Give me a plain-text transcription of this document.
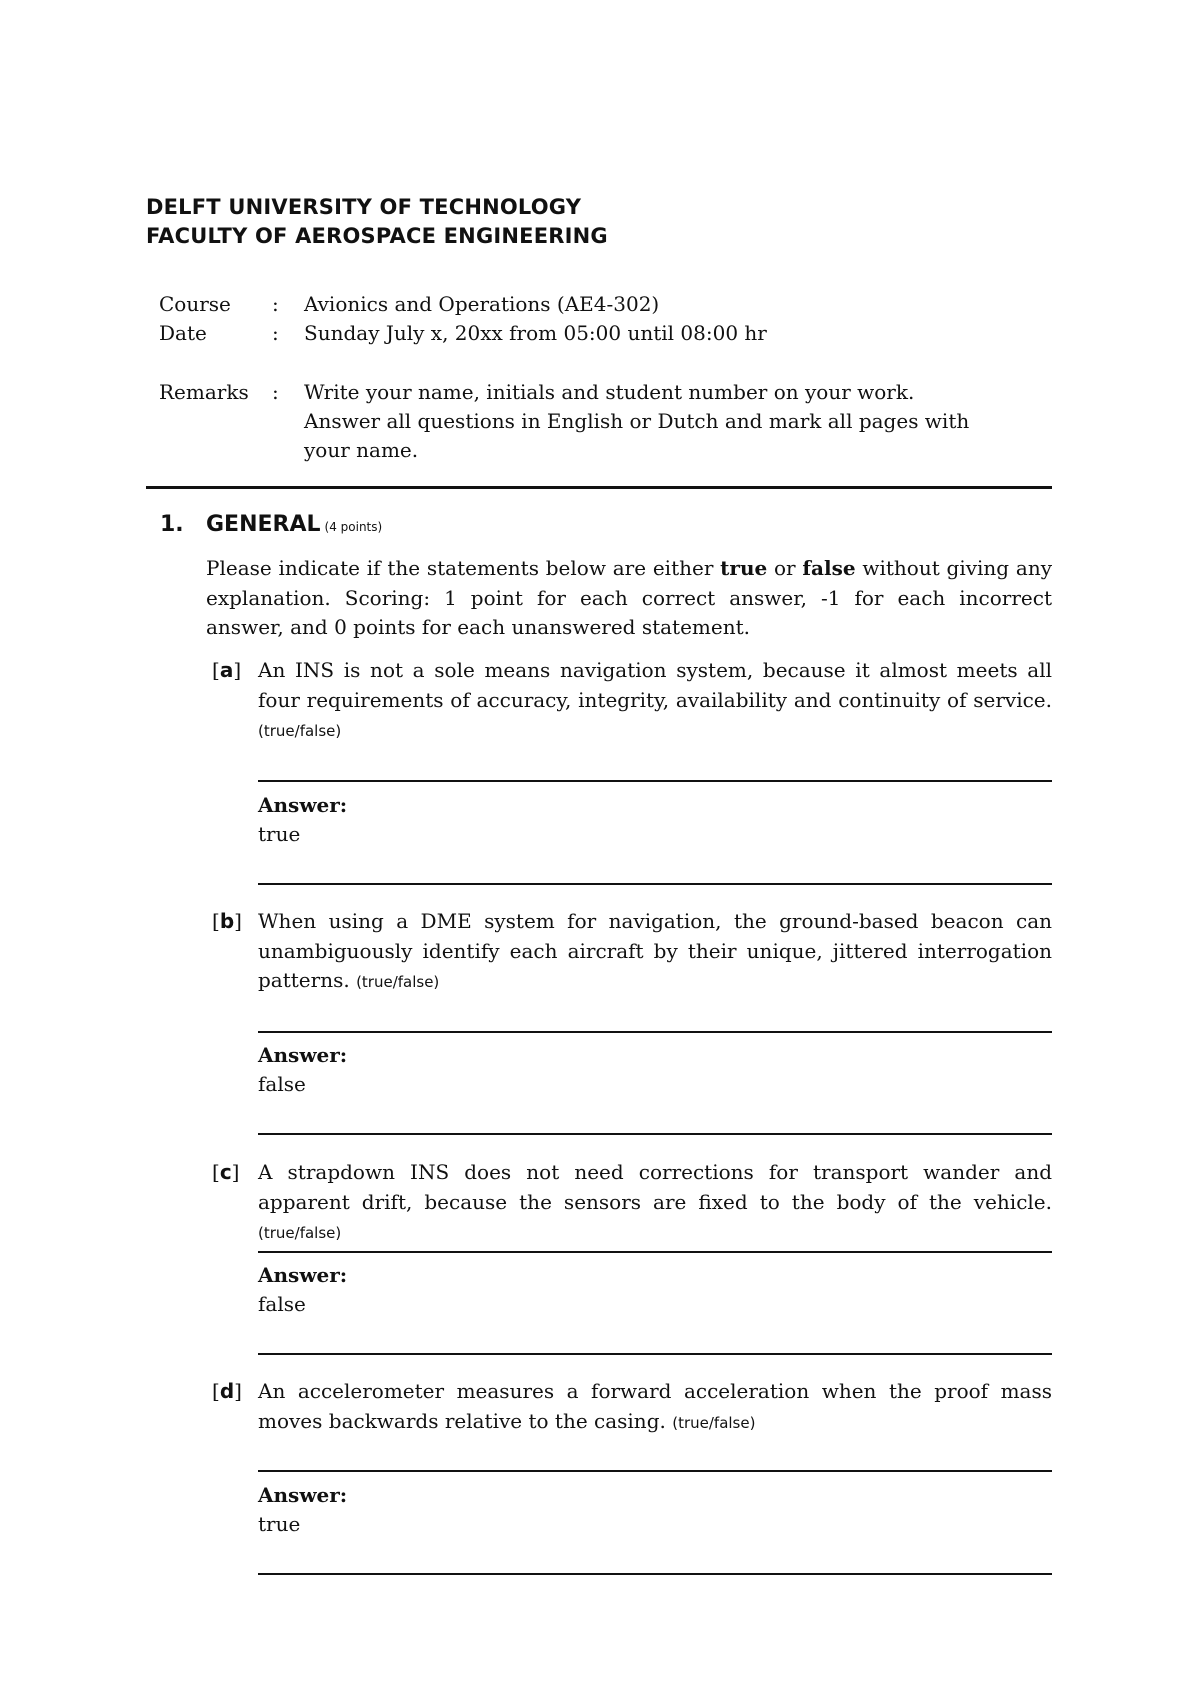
DELFT UNIVERSITY OF TECHNOLOGY
FACULTY OF AEROSPACE ENGINEERING
Course : Avionics and Operations (AE4-302)
Date	: Sunday July x, 20xx from 05:00 until 08:00 hr
Remarks : Write your name, initials and student number on your work.
Answer all questions in English or Dutch and mark all pages with
your name.
1. GENERAL (4 points)
Please indicate if the statements below are either true or false without giving any explanation. Scoring: 1 point for each correct answer, -1 for each incorrect answer, and 0 points for each unanswered statement.
[a] An INS is not a sole means navigation system, because it almost meets all four requirements of accuracy, integrity, availability and continuity of service. (true/false)
Answer:
true
[b] When using a DME system for navigation, the ground-based beacon can unambiguously identify each aircraft by their unique, jittered interrogation patterns. (true/false)
Answer:
false
[c] A strapdown INS does not need corrections for transport wander and apparent drift, because the sensors are fixed to the body of the vehicle. (true/false)
Answer:
false
[d] An accelerometer measures a forward acceleration when the proof mass moves backwards relative to the casing. (true/false)
Answer:
true
